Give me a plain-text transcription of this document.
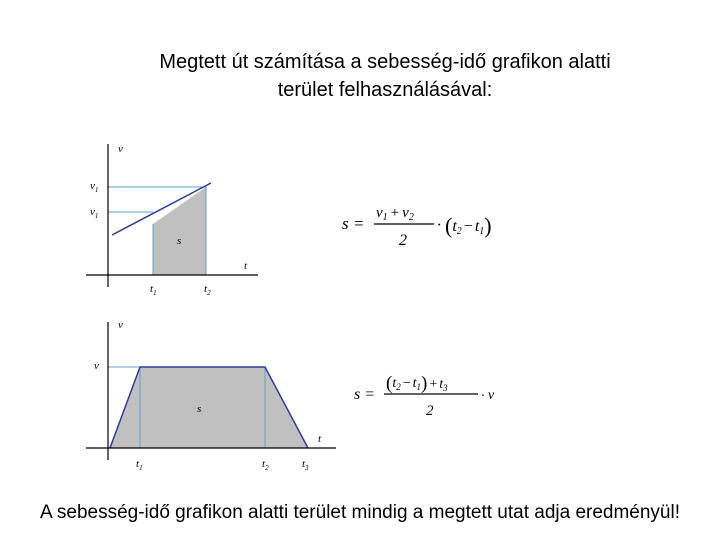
Megtett út számítása a sebesség-idő grafikon alatti
terület felhasználásával:
v
t
$v_1$
$v_1$
s
$t_1$	$t_2$
v
t
v
s
$t_1$	$t_2$	$t_3$
s =
$v_1 + v_2$
2
· (t2 − t1)
s =
$(t_2 - t_1) + t_3$
2
· v
A sebesség-idő grafikon alatti terület mindig a megtett utat adja eredményül!
